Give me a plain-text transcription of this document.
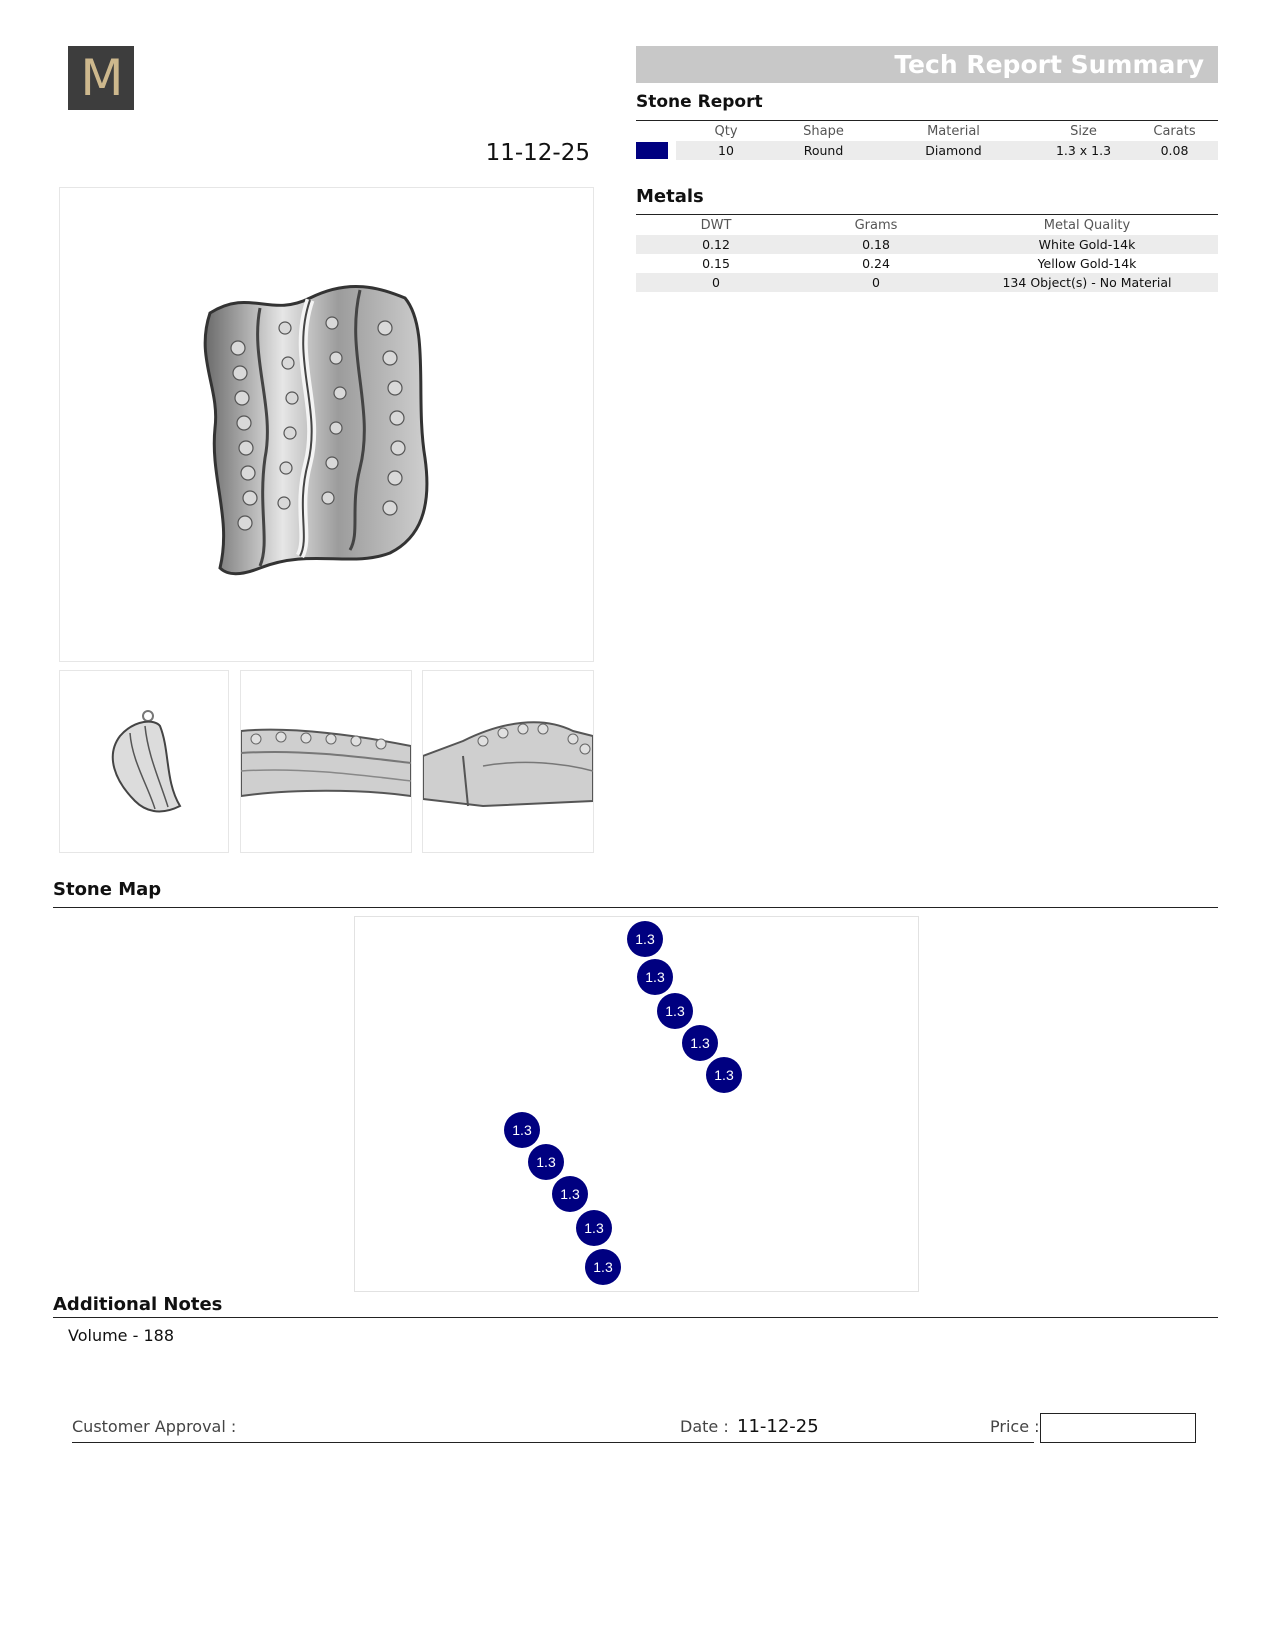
M
11-12-25
Tech Report Summary
Stone Report
	Qty	Shape	Material	Size	Carats

	10	Round	Diamond	1.3 x 1.3	0.08
Metals
DWT	Grams	Metal Quality
0.12	0.18	White Gold-14k
0.15	0.24	Yellow Gold-14k
0	0	134 Object(s) - No Material
Stone Map
1.3
1.3
1.3
1.3
1.3
1.3
1.3
1.3
1.3
1.3
Additional Notes
Volume - 188
Customer Approval :	Date : 11-12-25	Price :
